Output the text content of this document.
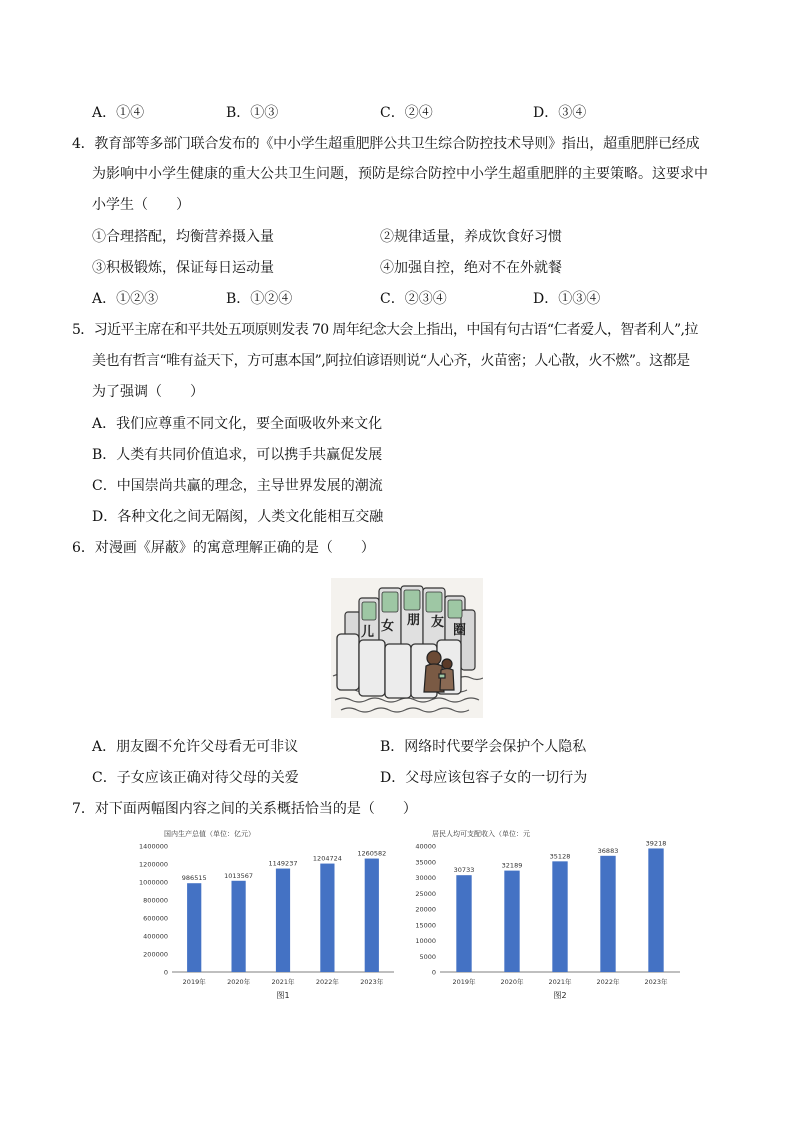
A．①④	B．①③	C．②④	D．③④
4．教育部等多部门联合发布的《中小学生超重肥胖公共卫生综合防控技术导则》指出，超重肥胖已经成
为影响中小学生健康的重大公共卫生问题，预防是综合防控中小学生超重肥胖的主要策略。这要求中
小学生（　　）
①合理搭配，均衡营养摄入量	②规律适量，养成饮食好习惯
③积极锻炼，保证每日运动量	④加强自控，绝对不在外就餐
A．①②③	B．①②④	C．②③④	D．①③④
5．习近平主席在和平共处五项原则发表 70 周年纪念大会上指出，中国有句古语“仁者爱人，智者利人”,拉
美也有哲言“唯有益天下，方可惠本国”,阿拉伯谚语则说“人心齐，火苗密；人心散，火不燃”。这都是
为了强调（　　）
A．我们应尊重不同文化，要全面吸收外来文化
B．人类有共同价值追求，可以携手共赢促发展
C．中国崇尚共赢的理念，主导世界发展的潮流
D．各种文化之间无隔阂，人类文化能相互交融
6．对漫画《屏蔽》的寓意理解正确的是（　　）
儿 女 朋 友
圈
A．朋友圈不允许父母看无可非议	B．网络时代要学会保护个人隐私
C．子女应该正确对待父母的关爱	D．父母应该包容子女的一切行为
7．对下面两幅图内容之间的关系概括恰当的是（　　）
国内生产总值（单位：亿元）
0
200000
400000
600000
800000
1000000
1200000
1400000
986515
2019年
1013567
2020年
1149237
2021年
1204724
2022年
1260582
2023年
图1
居民人均可支配收入（单位：元
0
5000
10000
15000
20000
25000
30000
35000
40000
30733
2019年
32189
2020年
35128
2021年
36883
2022年
39218
2023年
图2
